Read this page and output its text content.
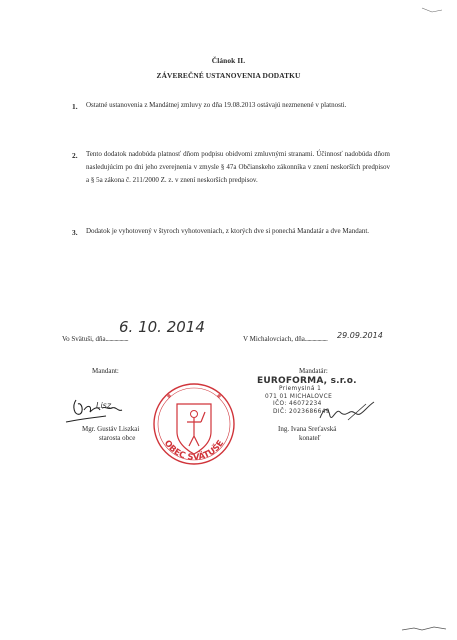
Článok II.
ZÁVEREČNÉ USTANOVENIA DODATKU
1. Ostatné ustanovenia z Mandátnej zmluvy zo dňa 19.08.2013 ostávajú nezmenené v platnosti.
2. Tento dodatok nadobúda platnosť dňom podpisu obidvomi zmluvnými stranami. Účinnosť nadobúda dňom nasledujúcim po dni jeho zverejnenia v zmysle § 47a Občianskeho zákonníka v znení neskorších predpisov a § 5a zákona č. 211/2000 Z. z. v znení neskorších predpisov.
3. Dodatok je vyhotovený v štyroch vyhotoveniach, z ktorých dve si ponechá Mandatár a dve Mandant.
Vo Svätuši, dňa..................
6. 10. 2014
V Michalovciach, dňa.................. 29.09.2014
Mandant:	Mandatár:
EUROFORMA, s.r.o.
Priemyslná 1
071 01 MICHALOVCE
IČO: 46072234
DIČ: 2023686649
Lisz.
OBEC SVÄTUŠE
Mgr. Gustáv Liszkai
starosta obce
Ing. Ivana Sreťavská
konateľ
